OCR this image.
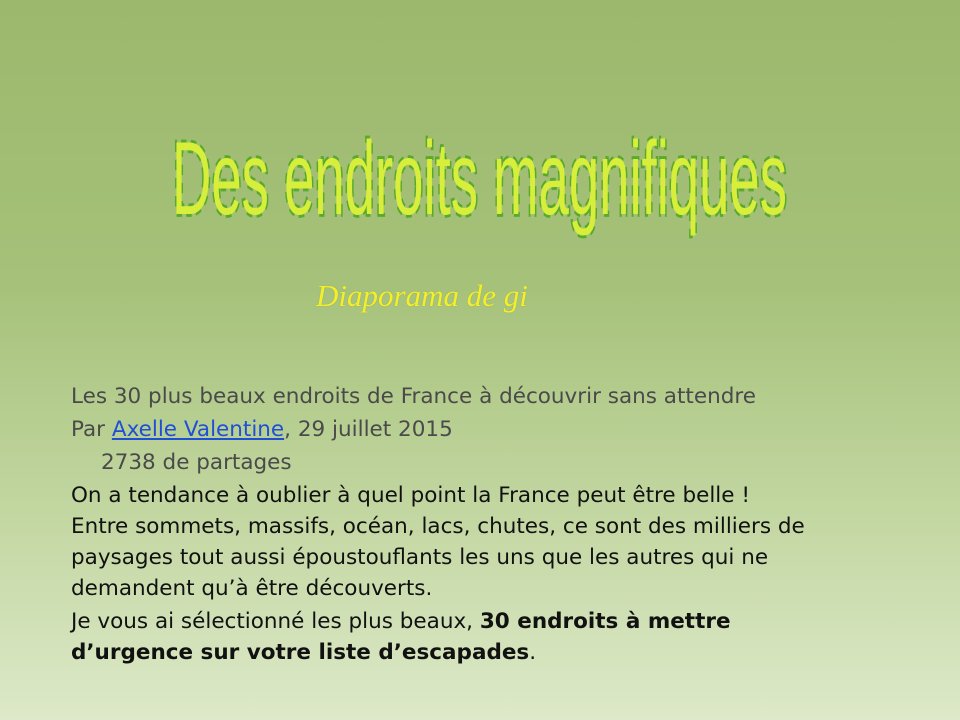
Des endroits magnifiques
Diaporama de gi
Les 30 plus beaux endroits de France à découvrir sans attendre
Par Axelle Valentine, 29 juillet 2015
2738 de partages
On a tendance à oublier à quel point la France peut être belle !
Entre sommets, massifs, océan, lacs, chutes, ce sont des milliers de
paysages tout aussi époustouflants les uns que les autres qui ne
demandent qu’à être découverts.
Je vous ai sélectionné les plus beaux, 30 endroits à mettre
d’urgence sur votre liste d’escapades.
